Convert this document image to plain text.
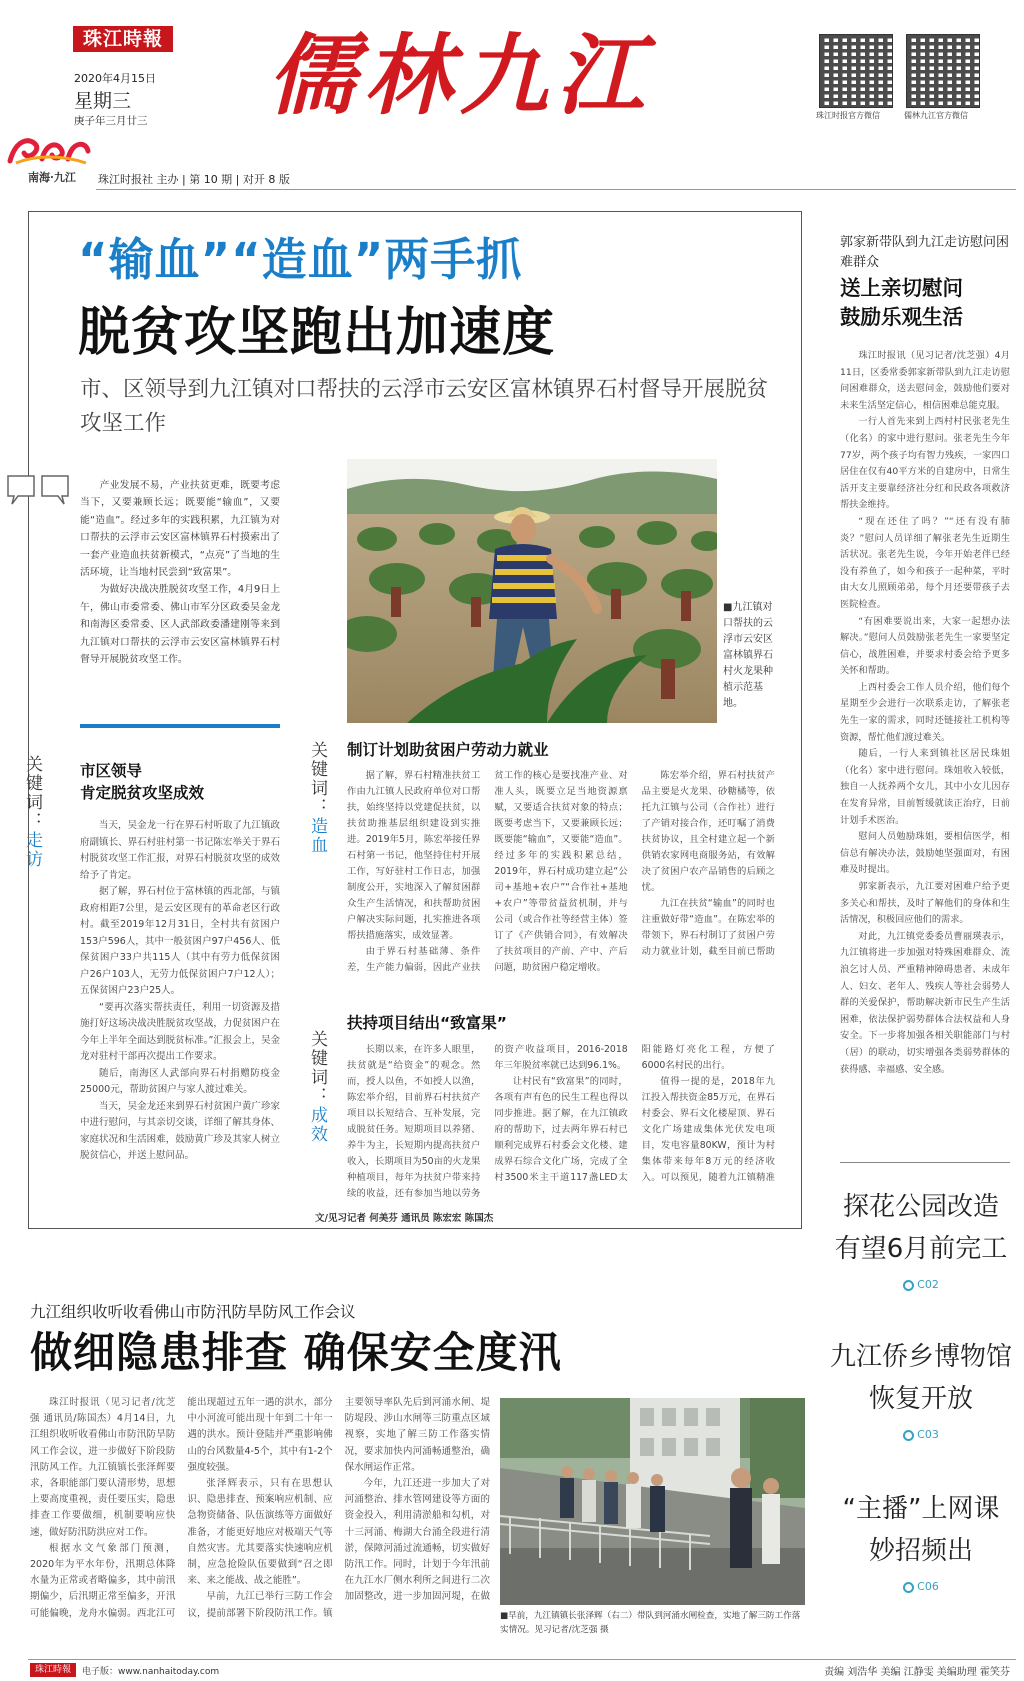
珠江時報
2020年4月15日
星期三
庚子年三月廿三 儒林九江	珠江时报官方微信	儒林九江官方微信
南海·九江 珠江时报社 主办 | 第 10 期 | 对开 8 版
“输血”“造血”两手抓
脱贫攻坚跑出加速度
市、区领导到九江镇对口帮扶的云浮市云安区富林镇界石村督导开展脱贫攻坚工作

产业发展不易，产业扶贫更难，既要考虑当下，又要兼顾长远；既要能“输血”，又要能“造血”。经过多年的实践积累，九江镇为对口帮扶的云浮市云安区富林镇界石村摸索出了一套产业造血扶贫新模式，“点亮”了当地的生活环境，让当地村民尝到“致富果”。

为做好决战决胜脱贫攻坚工作，4月9日上午，佛山市委常委、佛山市军分区政委吴金龙和南海区委常委、区人武部政委潘建刚等来到九江镇对口帮扶的云浮市云安区富林镇界石村督导开展脱贫攻坚工作。

■九江镇对口帮扶的云浮市云安区富林镇界石村火龙果种植示范基地。
关键词：走访
市区领导
肯定脱贫攻坚成效

当天，吴金龙一行在界石村听取了九江镇政府副镇长、界石村驻村第一书记陈宏举关于界石村脱贫攻坚工作汇报，对界石村脱贫攻坚的成效给予了肯定。

据了解，界石村位于富林镇的西北部，与镇政府相距7公里，是云安区现有的革命老区行政村。截至2019年12月31日，全村共有贫困户153户596人，其中一般贫困户97户456人、低保贫困户33户共115人（其中有劳力低保贫困户26户103人，无劳力低保贫困户7户12人）；五保贫困户23户25人。

“要再次落实帮扶责任，利用一切资源及措施打好这场决战决胜脱贫攻坚战，力促贫困户在今年上半年全面达到脱贫标准。”汇报会上，吴金龙对驻村干部再次提出工作要求。

随后，南海区人武部向界石村捐赠防疫金25000元，帮助贫困户与家人渡过难关。

当天，吴金龙还来到界石村贫困户黄广珍家中进行慰问，与其亲切交谈，详细了解其身体、家庭状况和生活困难，鼓励黄广珍及其家人树立脱贫信心，并送上慰问品。

关键词：造血
制订计划助贫困户劳动力就业

据了解，界石村精准扶贫工作由九江镇人民政府单位对口帮扶，始终坚持以党建促扶贫，以扶贫助推基层组织建设到实推进。2019年5月，陈宏举接任界石村第一书记，他坚持住村开展工作，写好驻村工作日志，加强制度公开，实地深入了解贫困群众生产生活情况，和扶帮助贫困户解决实际问题，扎实推进各项帮扶措施落实，成效显著。

由于界石村基础薄、条件差，生产能力偏弱，因此产业扶贫工作的核心是要找准产业、对准人头，既要立足当地资源禀赋，又要适合扶贫对象的特点；既要考虑当下，又要兼顾长远；既要能“输血”，又要能“造血”。经过多年的实践积累总结，2019年，界石村成功建立起“公司+基地+农户”“合作社+基地+农户”等带贫益贫机制，并与公司（或合作社等经营主体）签订了《产供销合同》，有效解决了扶贫项目的产前、产中、产后问题，助贫困户稳定增收。

陈宏举介绍，界石村扶贫产品主要是火龙果、砂糖橘等，依托九江镇与公司（合作社）进行了产销对接合作，还叮嘱了消费扶贫协议，且全村建立起一个新供销农家网电商服务站，有效解决了贫困户农产品销售的后顾之忧。

九江在扶贫“输血”的同时也注重做好带“造血”。在陈宏举的带领下，界石村制订了贫困户劳动力就业计划，截至目前已帮助

关键词：成效
扶持项目结出“致富果”

长期以来，在许多人眼里，扶贫就是“给资金”的观念。然而，授人以鱼，不如授人以渔，陈宏举介绍，目前界石村扶贫产项目以长短结合、互补发展，完成脱贫任务。短期项目以养猪、养牛为主，长短期内提高扶贫户收入，长期项目为50亩的火龙果种植项目，每年为扶贫户带来持续的收益，还有参加当地以劳务的资产收益项目，2016-2018年三年脱贫率就已达到96.1%。

让村民有“致富果”的同时，各项有声有色的民生工程也得以同步推进。据了解，在九江镇政府的帮助下，过去两年界石村已顺利完成界石村委会文化楼、建成界石综合文化广场，完成了全村3500米主干道117盏LED太阳能路灯亮化工程，方便了6000名村民的出行。

值得一提的是，2018年九江投入帮扶资金85万元，在界石村委会、界石文化楼屋顶、界石文化广场建成集体光伏发电项目，发电容量80KW，预计为村集体带来每年8万元的经济收入。可以预见，随着九江镇精准

文/见习记者 何美芬 通讯员 陈宏宏 陈国杰
郭家新带队到九江走访慰问困难群众
送上亲切慰问
鼓励乐观生活

珠江时报讯（见习记者/沈芝强）4月11日，区委常委郭家新带队到九江走访慰问困难群众，送去慰问金，鼓励他们要对未来生活坚定信心，相信困难总能克服。

一行人首先来到上西村村民张老先生（化名）的家中进行慰问。张老先生今年77岁，两个孩子均有智力残疾，一家四口居住在仅有40平方米的自建房中，日常生活开支主要靠经济社分红和民政各项救济帮扶金维持。

“现在还住了吗？”“还有没有肺炎？”慰问人员详细了解张老先生近期生活状况。张老先生说，今年开始老伴已经没有养鱼了，如今和孩子一起种菜，平时由大女儿照顾弟弟，每个月还要带孩子去医院检查。

“有困难要说出来，大家一起想办法解决。”慰问人员鼓励张老先生一家要坚定信心，战胜困难，并要求村委会给予更多关怀和帮助。

上西村委会工作人员介绍，他们每个星期至少会进行一次联系走访，了解张老先生一家的需求，同时还链接社工机构等资源，帮忙他们渡过难关。

随后，一行人来到镇社区居民珠姐（化名）家中进行慰问。珠姐收入较低，独自一人抚养两个女儿，其中小女儿因存在发育异常，目前暂缓就读正治疗，日前计划手术医治。

慰问人员勉励珠姐，要相信医学，相信总有解决办法，鼓励她坚强面对，有困难及时提出。

郭家新表示，九江要对困难户给予更多关心和帮扶，及时了解他们的身体和生活情况，积极回应他们的需求。

对此，九江镇党委委员曹丽瑛表示，九江镇将进一步加强对特殊困难群众、流浪乞讨人员、严重精神障碍患者、未成年人、妇女、老年人、残疾人等社会弱势人群的关爱保护，帮助解决新市民生产生活困难，依法保护弱势群体合法权益和人身安全。下一步将加强各相关职能部门与村（居）的联动，切实增强各类弱势群体的获得感、幸福感、安全感。

探花公园改造
有望6月前完工
C02
九江侨乡博物馆
恢复开放
C03
“主播”上网课
妙招频出
C06
九江组织收听收看佛山市防汛防旱防风工作会议
做细隐患排查 确保安全度汛

珠江时报讯（见习记者/沈芝强 通讯员/陈国杰）4月14日，九江组织收听收看佛山市防汛防旱防风工作会议，进一步做好下阶段防汛防风工作。九江镇镇长张泽辉要求，各职能部门要认清形势，思想上要高度重视，责任要压实，隐患排查工作要做细，机制要响应快速，做好防汛防洪应对工作。

根据水文气象部门预测，2020年为平水年份，汛期总体降水量为正常或者略偏多，其中前汛期偏少，后汛期正常至偏多，开汛可能偏晚，龙舟水偏弱。西北江可能出现超过五年一遇的洪水，部分中小河流可能出现十年到二十年一遇的洪水。预计登陆并严重影响佛山的台风数量4-5个，其中有1-2个强度较强。

张泽辉表示，只有在思想认识、隐患排查、预案响应机制、应急物资储备、队伍演练等方面做好准备，才能更好地应对极端天气等自然灾害。尤其要落实快速响应机制，应急抢险队伍要做到“召之即来、来之能战、战之能胜”。

早前，九江已举行三防工作会议，提前部署下阶段防汛工作。镇主要领导率队先后到河涌水闸、堤防堤段、涉山水闸等三防重点区域视察，实地了解三防工作落实情况，要求加快内河涌畅通整治，确保水闸运作正常。

今年，九江还进一步加大了对河涌整治、排水管网建设等方面的资金投入，利用清淤船和勾机，对十三河涌、梅湖大台涌全段进行清淤，保障河涌过流通畅，切实做好防汛工作。同时，计划于今年汛前在九江水厂侧水利所之间进行二次加固整改，进一步加固河堤，在做

■早前，九江镇镇长张泽辉（右二）带队到河涌水闸检查，实地了解三防工作落实情况。见习记者/沈芝强 摄
珠江時報	电子版：www.nanhaitoday.com	责编 刘浩华 美编 江静雯 美编助理 霍笑芬
